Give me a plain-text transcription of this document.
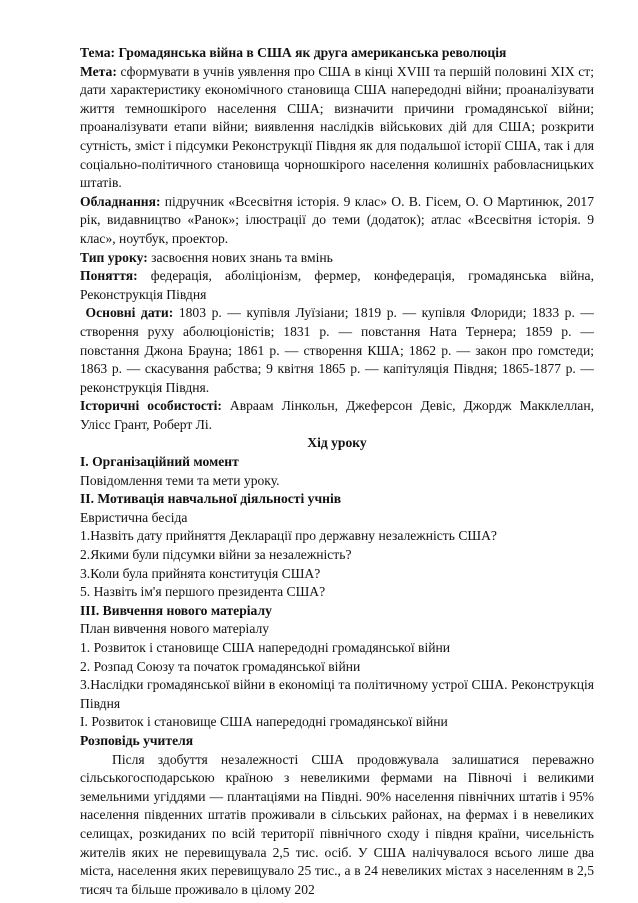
Тема: Громадянська війна в США як друга американська революція

Мета: сформувати в учнів уявлення про США в кінці XVIII та першій половині XIX ст; дати характеристику економічного становища США напередодні війни; проаналізувати життя темношкірого населення США; визначити причини громадянської війни; проаналізувати етапи війни; виявлення наслідків військових дій для США; розкрити сутність, зміст і підсумки Реконструкції Півдня як для подальшої історії США, так і для соціально-політичного становища чорношкірого населення колишніх рабовласницьких штатів.

Обладнання: підручник «Всесвітня історія. 9 клас» О. В. Гісем, О. О Мартинюк, 2017 рік, видавництво «Ранок»; ілюстрації до теми (додаток); атлас «Всесвітня історія. 9 клас», ноутбук, проектор.

Тип уроку: засвоєння нових знань та вмінь

Поняття: федерація, аболіціонізм, фермер, конфедерація, громадянська війна, Реконструкція Півдня

Основні дати: 1803 р. — купівля Луїзіани; 1819 р. — купівля Флориди; 1833 р. — створення руху аболюціоністів; 1831 р. — повстання Ната Тернера; 1859 р. — повстання Джона Брауна; 1861 р. — створення КША; 1862 р. — закон про гомстеди; 1863 р. — скасування рабства; 9 квітня 1865 р. — капітуляція Півдня; 1865-1877 р. — реконструкція Півдня.

Історичні особистості: Авраам Лінкольн, Джеферсон Девіс, Джордж Макклеллан, Улісс Грант, Роберт Лі.

Хід уроку

І. Організаційний момент

Повідомлення теми та мети уроку.

ІІ. Мотивація навчальної діяльності учнів

Евристична бесіда

1.Назвіть дату прийняття Декларації про державну незалежність США?

2.Якими були підсумки війни за незалежність?

3.Коли була прийнята конституція США?

5. Назвіть ім'я першого президента США?

ІІІ. Вивчення нового матеріалу

План вивчення нового матеріалу

1. Розвиток і становище США напередодні громадянської війни

2. Розпад Союзу та початок громадянської війни

3.Наслідки громадянської війни в економіці та політичному устрої США. Реконструкція Півдня

І. Розвиток і становище США напередодні громадянської війни

Розповідь учителя

Після здобуття незалежності США продовжувала залишатися переважно сільськогосподарською країною з невеликими фермами на Півночі і великими земельними угіддями — плантаціями на Півдні. 90% населення північних штатів і 95% населення південних штатів проживали в сільських районах, на фермах і в невеликих селищах, розкиданих по всій території північного сходу і півдня країни, чисельність жителів яких не перевищувала 2,5 тис. осіб. У США налічувалося всього лише два міста, населення яких перевищувало 25 тис., а в 24 невеликих містах з населенням в 2,5 тисяч та більше проживало в цілому 202
